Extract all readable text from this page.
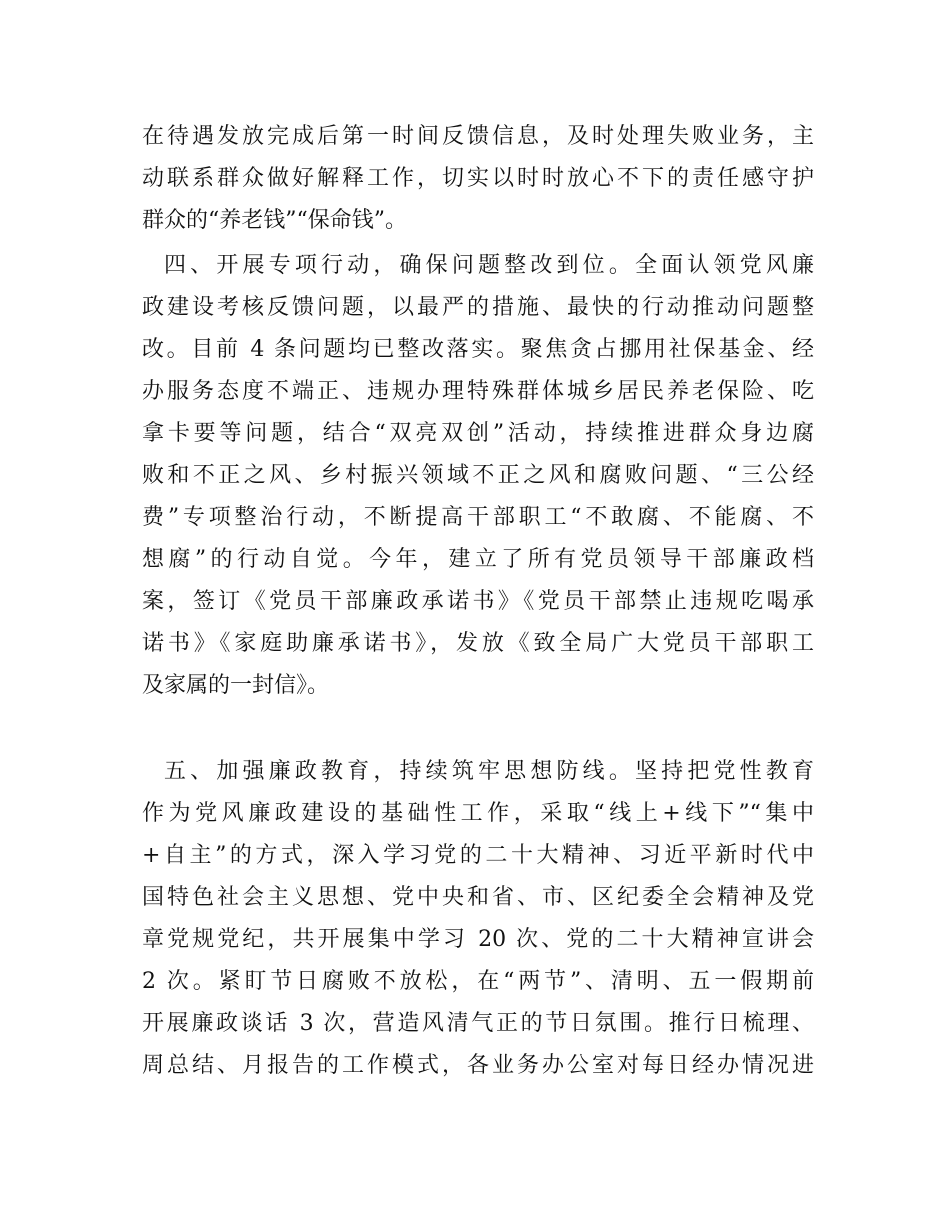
在待遇发放完成后第一时间反馈信息，及时处理失败业务，主
动联系群众做好解释工作，切实以时时放心不下的责任感守护
群众的“养老钱”“保命钱”。
四、开展专项行动，确保问题整改到位。全面认领党风廉
政建设考核反馈问题，以最严的措施、最快的行动推动问题整
改。目前 4 条问题均已整改落实。聚焦贪占挪用社保基金、经
办服务态度不端正、违规办理特殊群体城乡居民养老保险、吃
拿卡要等问题，结合“双亮双创”活动，持续推进群众身边腐
败和不正之风、乡村振兴领域不正之风和腐败问题、“三公经
费”专项整治行动，不断提高干部职工“不敢腐、不能腐、不
想腐”的行动自觉。今年，建立了所有党员领导干部廉政档
案，签订《党员干部廉政承诺书》《党员干部禁止违规吃喝承
诺书》《家庭助廉承诺书》，发放《致全局广大党员干部职工
及家属的一封信》。
五、加强廉政教育，持续筑牢思想防线。坚持把党性教育
作为党风廉政建设的基础性工作，采取“线上+线下”“集中
+自主”的方式，深入学习党的二十大精神、习近平新时代中
国特色社会主义思想、党中央和省、市、区纪委全会精神及党
章党规党纪，共开展集中学习 20 次、党的二十大精神宣讲会
2 次。紧盯节日腐败不放松，在“两节”、清明、五一假期前
开展廉政谈话 3 次，营造风清气正的节日氛围。推行日梳理、
周总结、月报告的工作模式，各业务办公室对每日经办情况进
